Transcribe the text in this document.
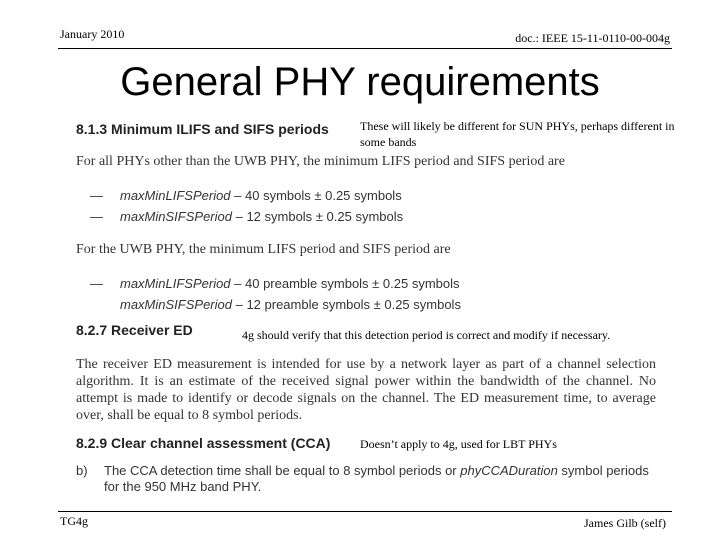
January 2010	doc.: IEEE 15-11-0110-00-004g
General PHY requirements
8.1.3 Minimum ILIFS and SIFS periods	These will likely be different for SUN PHYs, perhaps different in some bands
For all PHYs other than the UWB PHY, the minimum LIFS period and SIFS period are
— maxMinLIFSPeriod – 40 symbols ± 0.25 symbols
— maxMinSIFSPeriod – 12 symbols ± 0.25 symbols
For the UWB PHY, the minimum LIFS period and SIFS period are
— maxMinLIFSPeriod – 40 preamble symbols ± 0.25 symbols
maxMinSIFSPeriod – 12 preamble symbols ± 0.25 symbols
8.2.7 Receiver ED	4g should verify that this detection period is correct and modify if necessary.
The receiver ED measurement is intended for use by a network layer as part of a channel selection algorithm. It is an estimate of the received signal power within the bandwidth of the channel. No attempt is made to identify or decode signals on the channel. The ED measurement time, to average over, shall be equal to 8 symbol periods.
8.2.9 Clear channel assessment (CCA) Doesn’t apply to 4g, used for LBT PHYs
b)	The CCA detection time shall be equal to 8 symbol periods or phyCCADuration symbol periods for the 950 MHz band PHY.
TG4g	James Gilb (self)
